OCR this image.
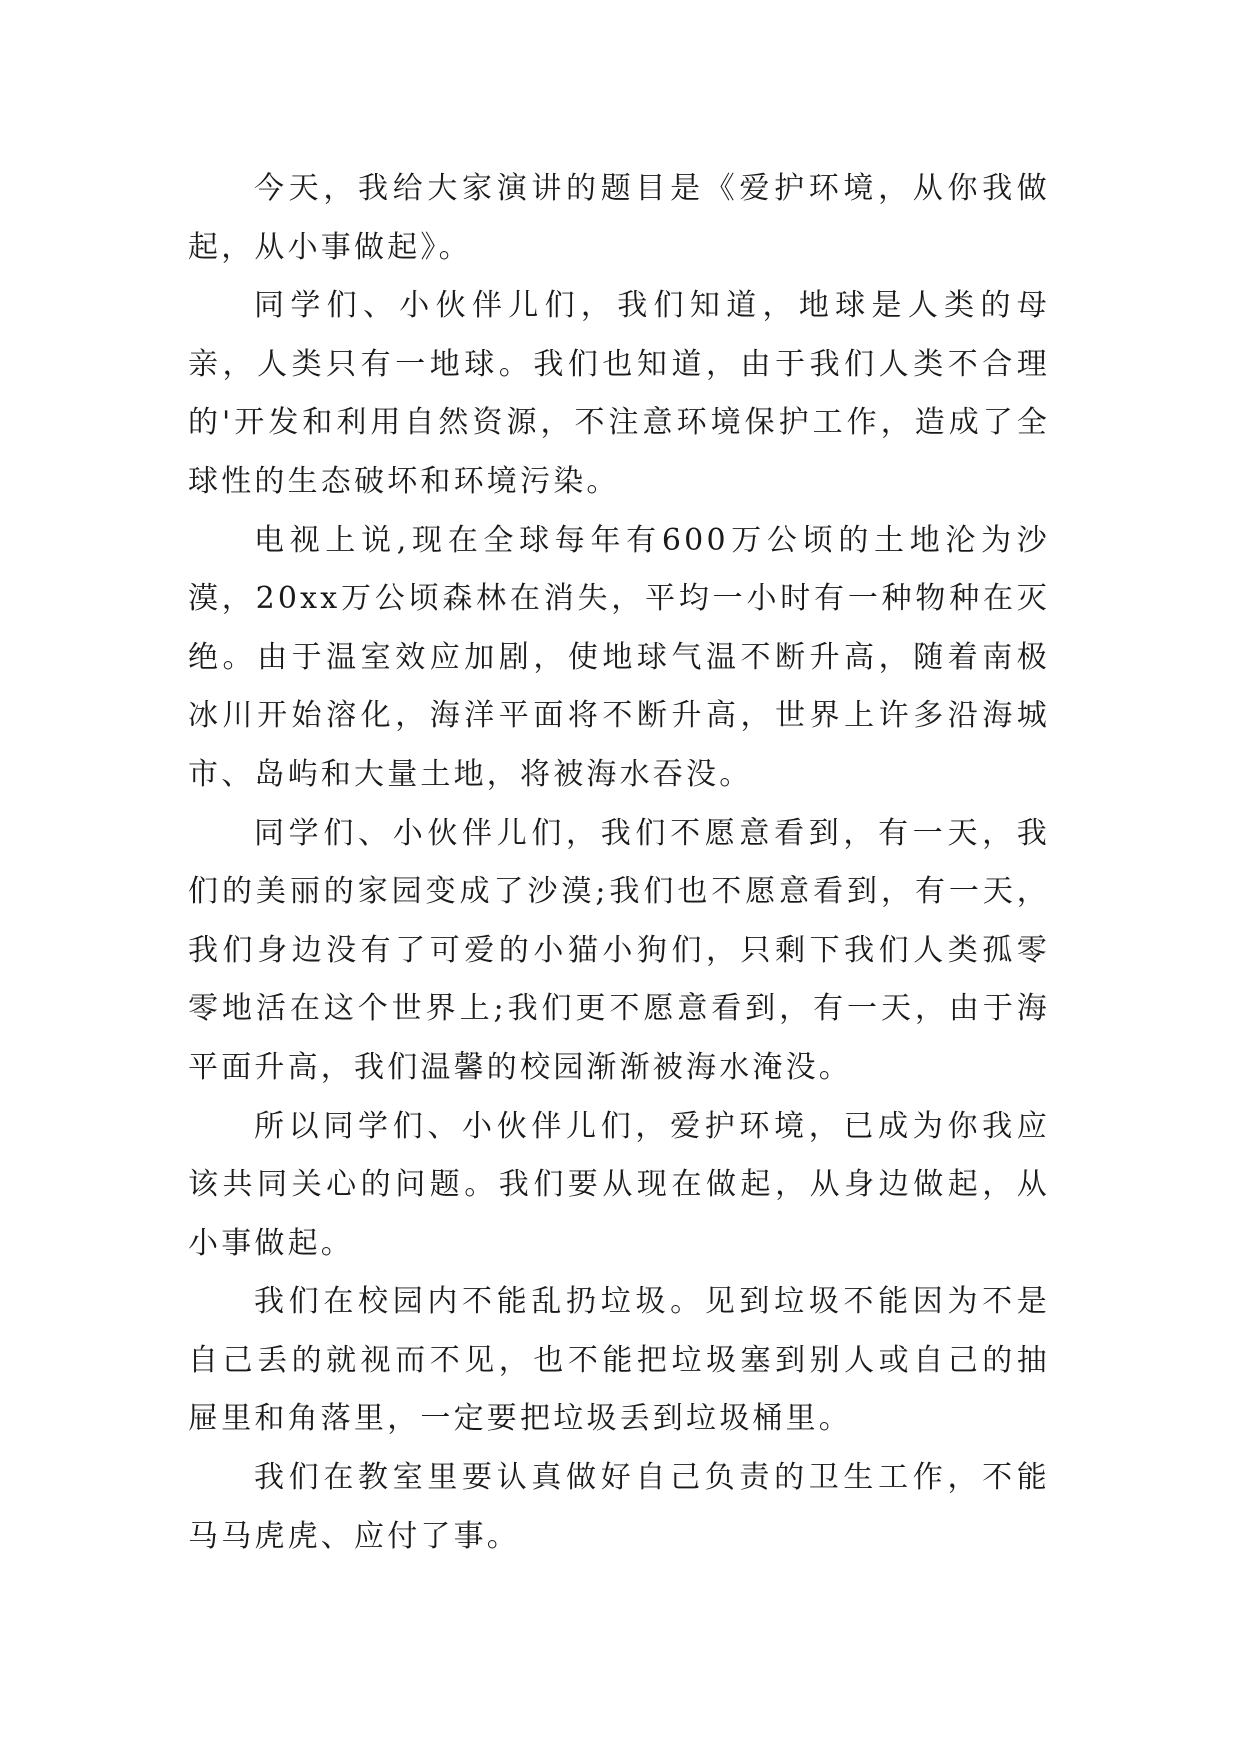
今天，我给大家演讲的题目是《爱护环境，从你我做起，从小事做起》。

同学们、小伙伴儿们，我们知道，地球是人类的母亲，人类只有一地球。我们也知道，由于我们人类不合理的'开发和利用自然资源，不注意环境保护工作，造成了全球性的生态破坏和环境污染。

电视上说,现在全球每年有600万公顷的土地沦为沙漠，20xx万公顷森林在消失，平均一小时有一种物种在灭绝。由于温室效应加剧，使地球气温不断升高，随着南极冰川开始溶化，海洋平面将不断升高，世界上许多沿海城市、岛屿和大量土地，将被海水吞没。

同学们、小伙伴儿们，我们不愿意看到，有一天，我们的美丽的家园变成了沙漠;我们也不愿意看到，有一天，我们身边没有了可爱的小猫小狗们，只剩下我们人类孤零零地活在这个世界上;我们更不愿意看到，有一天，由于海平面升高，我们温馨的校园渐渐被海水淹没。

所以同学们、小伙伴儿们，爱护环境，已成为你我应该共同关心的问题。我们要从现在做起，从身边做起，从小事做起。

我们在校园内不能乱扔垃圾。见到垃圾不能因为不是自己丢的就视而不见，也不能把垃圾塞到别人或自己的抽屉里和角落里，一定要把垃圾丢到垃圾桶里。

我们在教室里要认真做好自己负责的卫生工作，不能马马虎虎、应付了事。
